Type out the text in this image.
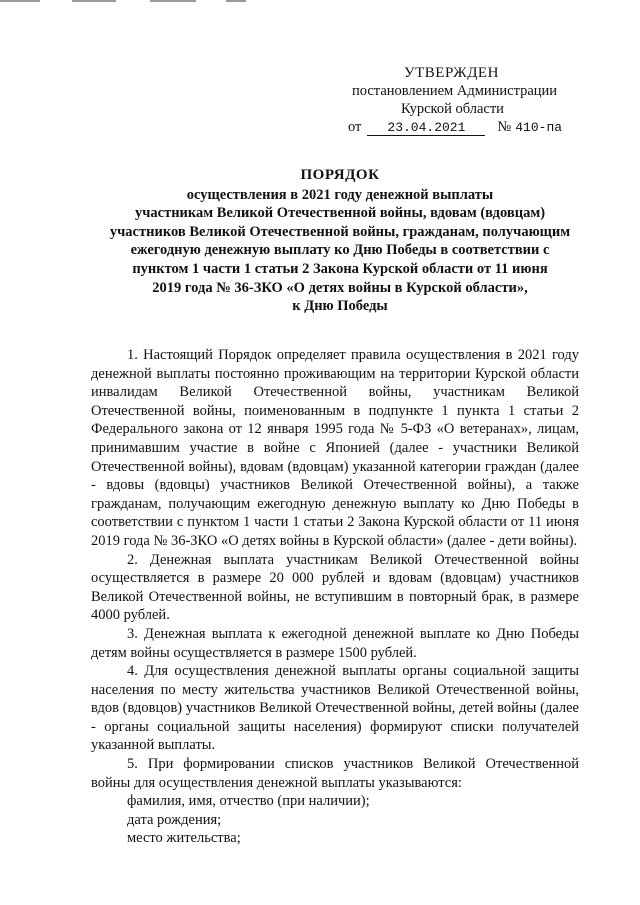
УТВЕРЖДЕН
постановлением Администрации
Курской области
от	23.04.2021	№ 410-па
ПОРЯДОК
осуществления в 2021 году денежной выплаты
участникам Великой Отечественной войны, вдовам (вдовцам)
участников Великой Отечественной войны, гражданам, получающим
ежегодную денежную выплату ко Дню Победы в соответствии с
пунктом 1 части 1 статьи 2 Закона Курской области от 11 июня
2019 года № 36-ЗКО «О детях войны в Курской области»,
к Дню Победы

1. Настоящий Порядок определяет правила осуществления в 2021 году денежной выплаты постоянно проживающим на территории Курской области инвалидам Великой Отечественной войны, участникам Великой Отечественной войны, поименованным в подпункте 1 пункта 1 статьи 2 Федерального закона от 12 января 1995 года № 5-ФЗ «О ветеранах», лицам, принимавшим участие в войне с Японией (далее - участники Великой Отечественной войны), вдовам (вдовцам) указанной категории граждан (далее - вдовы (вдовцы) участников Великой Отечественной войны), а также гражданам, получающим ежегодную денежную выплату ко Дню Победы в соответствии с пунктом 1 части 1 статьи 2 Закона Курской области от 11 июня 2019 года № 36-ЗКО «О детях войны в Курской области» (далее - дети войны).

2. Денежная выплата участникам Великой Отечественной войны осуществляется в размере 20 000 рублей и вдовам (вдовцам) участников Великой Отечественной войны, не вступившим в повторный брак, в размере 4000 рублей.

3. Денежная выплата к ежегодной денежной выплате ко Дню Победы детям войны осуществляется в размере 1500 рублей.

4. Для осуществления денежной выплаты органы социальной защиты населения по месту жительства участников Великой Отечественной войны, вдов (вдовцов) участников Великой Отечественной войны, детей войны (далее - органы социальной защиты населения) формируют списки получателей указанной выплаты.

5. При формировании списков участников Великой Отечественной войны для осуществления денежной выплаты указываются:

фамилия, имя, отчество (при наличии);
дата рождения;
место жительства;
